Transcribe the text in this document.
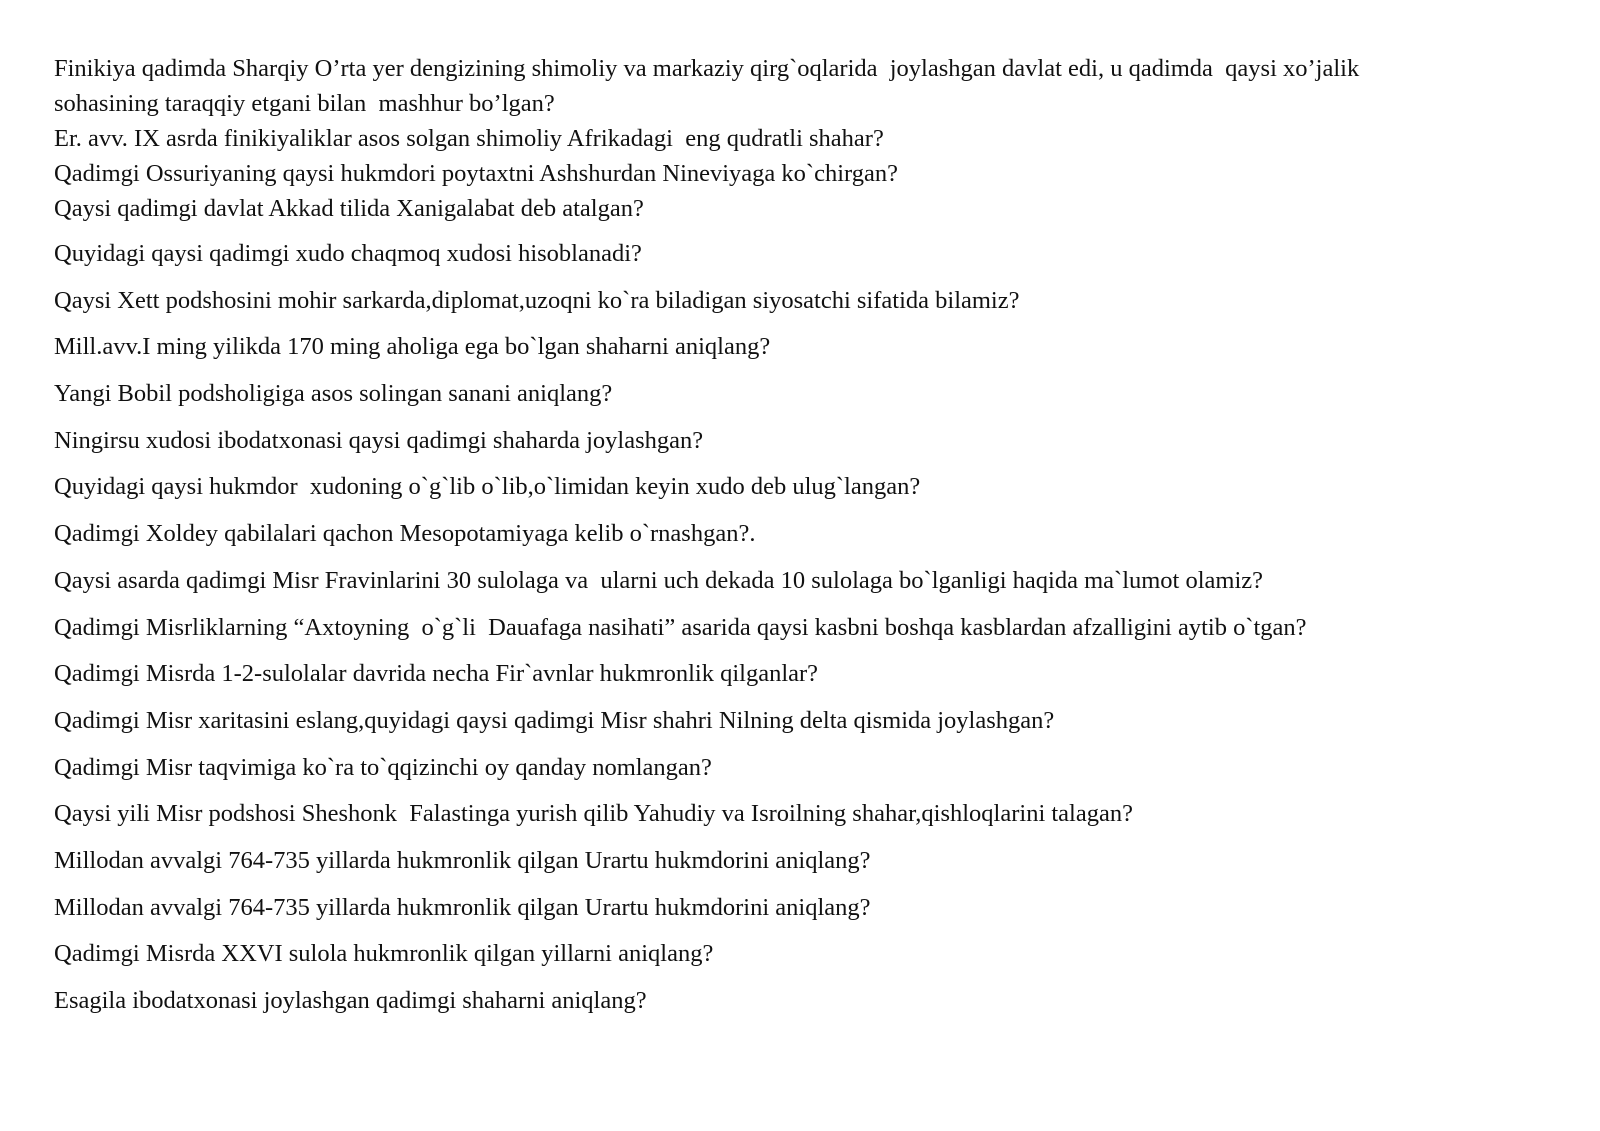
Finikiya qadimda Sharqiy O’rta yer dengizining shimoliy va markaziy qirg`oqlarida  joylashgan davlat edi, u qadimda  qaysi xo’jalik

sohasining taraqqiy etgani bilan  mashhur bo’lgan?

Er. avv. IX asrda finikiyaliklar asos solgan shimoliy Afrikadagi  eng qudratli shahar?

Qadimgi Ossuriyaning qaysi hukmdori poytaxtni Ashshurdan Nineviyaga ko`chirgan?

Qaysi qadimgi davlat Akkad tilida Xanigalabat deb atalgan?

Quyidagi qaysi qadimgi xudo chaqmoq xudosi hisoblanadi?

Qaysi Xett podshosini mohir sarkarda,diplomat,uzoqni ko`ra biladigan siyosatchi sifatida bilamiz?

Mill.avv.I ming yilikda 170 ming aholiga ega bo`lgan shaharni aniqlang?

Yangi Bobil podsholigiga asos solingan sanani aniqlang?

Ningirsu xudosi ibodatxonasi qaysi qadimgi shaharda joylashgan?

Quyidagi qaysi hukmdor  xudoning o`g`lib o`lib,o`limidan keyin xudo deb ulug`langan?

Qadimgi Xoldey qabilalari qachon Mesopotamiyaga kelib o`rnashgan?.

Qaysi asarda qadimgi Misr Fravinlarini 30 sulolaga va  ularni uch dekada 10 sulolaga bo`lganligi haqida ma`lumot olamiz?

Qadimgi Misrliklarning “Axtoyning  o`g`li  Dauafaga nasihati” asarida qaysi kasbni boshqa kasblardan afzalligini aytib o`tgan?

Qadimgi Misrda 1-2-sulolalar davrida necha Fir`avnlar hukmronlik qilganlar?

Qadimgi Misr xaritasini eslang,quyidagi qaysi qadimgi Misr shahri Nilning delta qismida joylashgan?

Qadimgi Misr taqvimiga ko`ra to`qqizinchi oy qanday nomlangan?

Qaysi yili Misr podshosi Sheshonk  Falastinga yurish qilib Yahudiy va Isroilning shahar,qishloqlarini talagan?

Millodan avvalgi 764-735 yillarda hukmronlik qilgan Urartu hukmdorini aniqlang?

Millodan avvalgi 764-735 yillarda hukmronlik qilgan Urartu hukmdorini aniqlang?

Qadimgi Misrda XXVI sulola hukmronlik qilgan yillarni aniqlang?

Esagila ibodatxonasi joylashgan qadimgi shaharni aniqlang?
